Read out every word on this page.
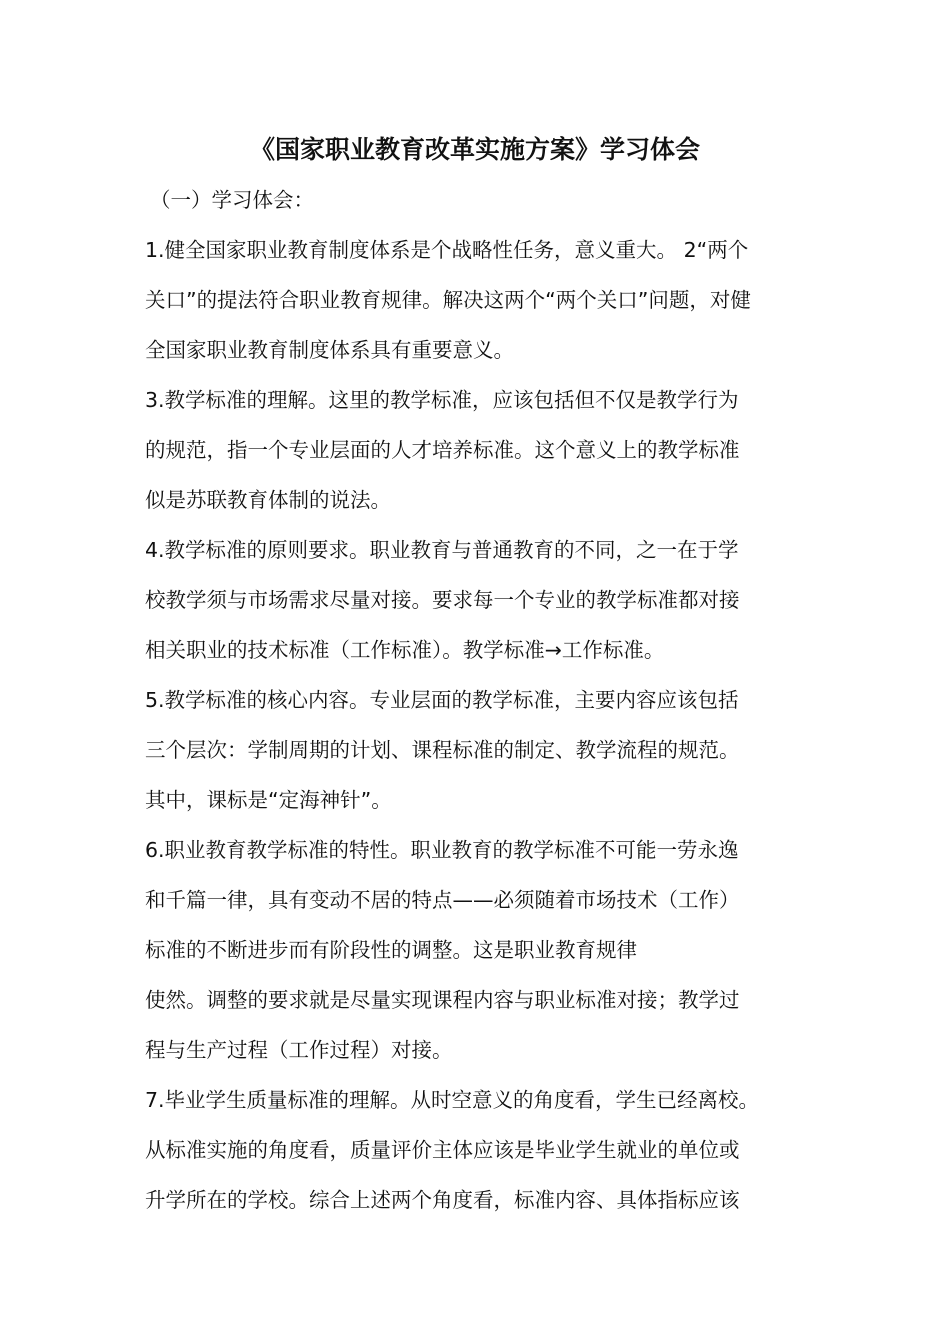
《国家职业教育改革实施方案》学习体会
（一）学习体会：
1.健全国家职业教育制度体系是个战略性任务，意义重大。 2“两个
关口”的提法符合职业教育规律。解决这两个“两个关口”问题，对健
全国家职业教育制度体系具有重要意义。
3.教学标准的理解。这里的教学标准，应该包括但不仅是教学行为
的规范，指一个专业层面的人才培养标准。这个意义上的教学标准
似是苏联教育体制的说法。
4.教学标准的原则要求。职业教育与普通教育的不同，之一在于学
校教学须与市场需求尽量对接。要求每一个专业的教学标准都对接
相关职业的技术标准（工作标准）。教学标准→工作标准。
5.教学标准的核心内容。专业层面的教学标准，主要内容应该包括
三个层次：学制周期的计划、课程标准的制定、教学流程的规范。
其中，课标是“定海神针”。
6.职业教育教学标准的特性。职业教育的教学标准不可能一劳永逸
和千篇一律，具有变动不居的特点——必须随着市场技术（工作）
标准的不断进步而有阶段性的调整。这是职业教育规律
使然。调整的要求就是尽量实现课程内容与职业标准对接；教学过
程与生产过程（工作过程）对接。
7.毕业学生质量标准的理解。从时空意义的角度看，学生已经离校。
从标准实施的角度看，质量评价主体应该是毕业学生就业的单位或
升学所在的学校。综合上述两个角度看，标准内容、具体指标应该
